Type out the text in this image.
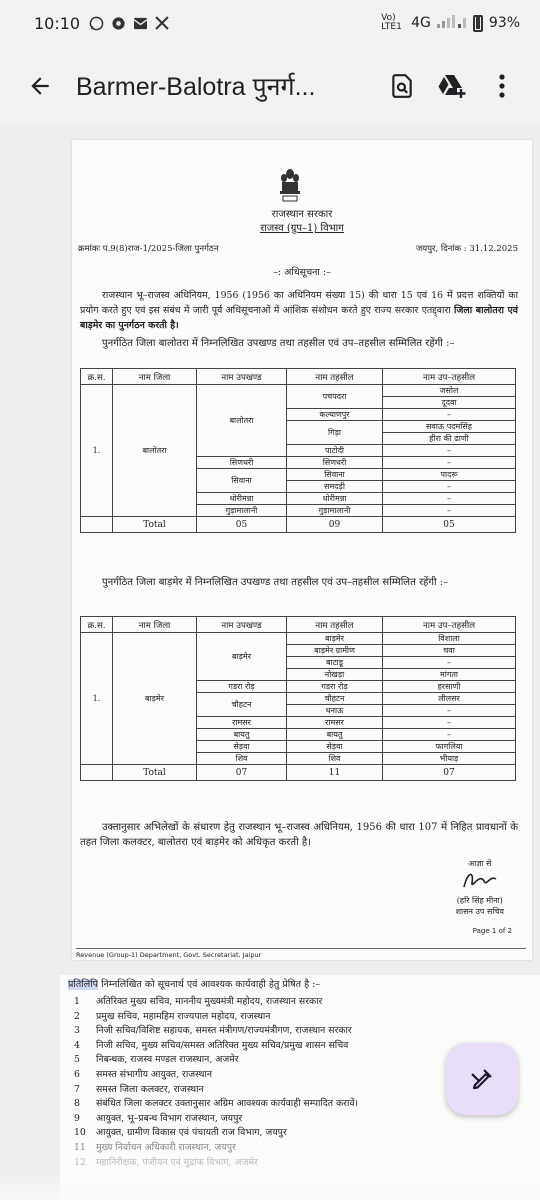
10:10	Vo) LTE1 4G	93%
Barmer-Balotra पुनर्ग...
राजस्थान सरकार
राजस्व (ग्रुप–1) विभाग
क्रमांकः प.9(8)राज-1/2025-जिला पुनर्गठन	जयपुर, दिनांक : 31.12.2025
–: अधिसूचना :–
राजस्थान भू–राजस्व अधिनियम, 1956 (1956 का अधिनियम संख्या 15) की धारा 15 एवं 16 में प्रदत्त शक्तियों का प्रयोग करते हुए एवं इस संबंध में जारी पूर्व अधिसूचनाओं में आंशिक संशोधन करते हुए राज्य सरकार एतद्द्वारा जिला बालोतरा एवं बाड़मेर का पुनर्गठन करती है।
पुनर्गठित जिला बालोतरा में निम्नलिखित उपखण्ड तथा तहसील एवं उप–तहसील सम्मिलित रहेंगी :–
क्र.स.	नाम जिला	नाम उपखण्ड	नाम तहसील	नाम उप–तहसील
1.	बालोतरा	बालोतरा	पचपदरा	जसोल
				दूदवा
			कल्याणपुर	–
			गिड़ा	सवाऊ पदमसिंह
				हीरा की ढाणी
			पाटोदी	–
		सिणधरी	सिणधरी	–
		सिवाना	सिवाना	पादरू
			समदड़ी	–
		धोरीमन्ना	धोरीमन्ना	–
		गुड़ामालानी	गुड़ामालानी	–
	Total	05	09	05
पुनर्गठित जिला बाड़मेर में निम्नलिखित उपखण्ड तथा तहसील एवं उप–तहसील सम्मिलित रहेंगी :–
क्र.स.	नाम जिला	नाम उपखण्ड	नाम तहसील	नाम उप–तहसील
1.	बाड़मेर	बाड़मेर	बाड़मेर	विशाला
			बाड़मेर ग्रामीण	चवा
			बाटाडू	–
			नोखड़ा	मांगता
		गडरा रोड़	गडरा रोड़	हरसाणी
		चौहटन	चौहटन	लीलसर
			धनाऊ	–
		रामसर	रामसर	–
		बायतु	बायतु	–
		सेड़वा	सेड़वा	फागलिया
		शिव	शिव	भीयाड़
	Total	07	11	07
उक्तानुसार अभिलेखों के संधारण हेतु राजस्थान भू–राजस्व अधिनियम, 1956 की धारा 107 में निहित प्रावधानों के तहत जिला कलक्टर, बालोतरा एवं बाड़मेर को अधिकृत करती है।
आज्ञा से
(हरि सिंह मीना)
शासन उप सचिव
Page 1 of 2
Revenue (Group-1) Department, Govt. Secretariat, Jaipur
प्रतिलिपि निम्नलिखित को सूचनार्थ एवं आवश्यक कार्यवाही हेतु प्रेषित है :–
1	अतिरिक्त मुख्य सचिव, माननीय मुख्यमंत्री महोदय, राजस्थान सरकार
2	प्रमुख सचिव, महामहिम राज्यपाल महोदय, राजस्थान
3	निजी सचिव/विशिष्ट सहायक, समस्त मंत्रीगण/राज्यमंत्रीगण, राजस्थान सरकार
4	निजी सचिव, मुख्य सचिव/समस्त अतिरिक्त मुख्य सचिव/प्रमुख शासन सचिव
5	निबन्धक, राजस्व मण्डल राजस्थान, अजमेर
6	समस्त संभागीय आयुक्त, राजस्थान
7	समस्त जिला कलक्टर, राजस्थान
8	संबंधित जिला कलक्टर उक्तानुसार अग्रिम आवश्यक कार्यवाही सम्पादित करावें।
9	आयुक्त, भू–प्रबन्ध विभाग राजस्थान, जयपुर
10	आयुक्त, ग्रामीण विकास एवं पंचायती राज विभाग, जयपुर
11	मुख्य निर्वाचन अधिकारी राजस्थान, जयपुर
12	महानिरीक्षक, पंजीयन एवं मुद्रांक विभाग, अजमेर
